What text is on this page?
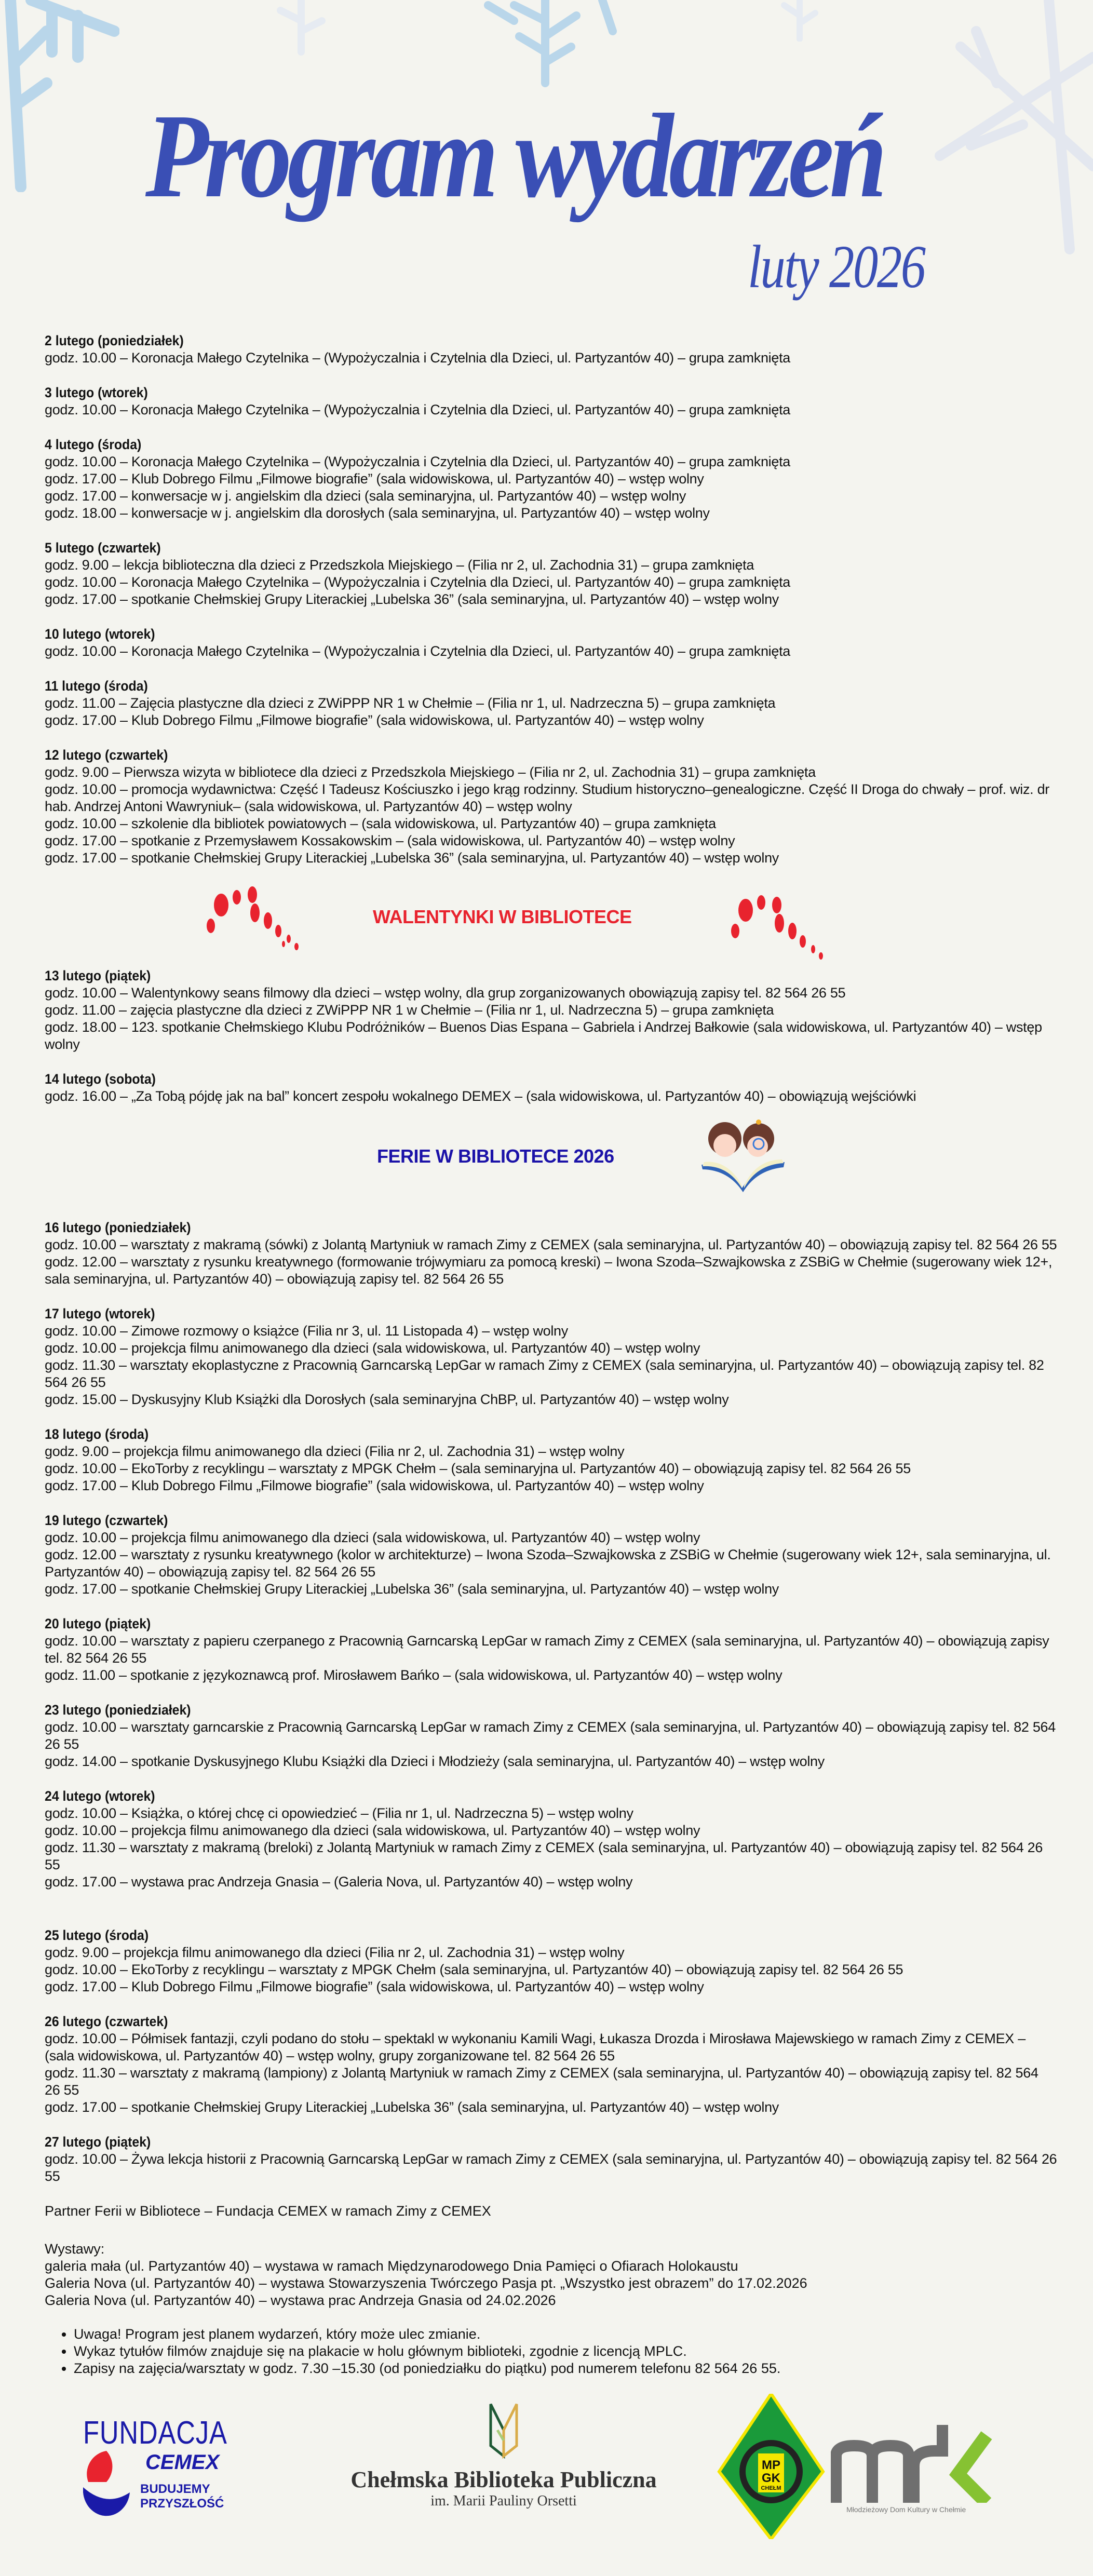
Program wydarzeń
luty 2026
2 lutego (poniedziałek)
godz. 10.00 – Koronacja Małego Czytelnika – (Wypożyczalnia i Czytelnia dla Dzieci, ul. Partyzantów 40) – grupa zamknięta
3 lutego (wtorek)
godz. 10.00 – Koronacja Małego Czytelnika – (Wypożyczalnia i Czytelnia dla Dzieci, ul. Partyzantów 40) – grupa zamknięta
4 lutego (środa)
godz. 10.00 – Koronacja Małego Czytelnika – (Wypożyczalnia i Czytelnia dla Dzieci, ul. Partyzantów 40) – grupa zamknięta
godz. 17.00 – Klub Dobrego Filmu „Filmowe biografie” (sala widowiskowa, ul. Partyzantów 40) – wstęp wolny
godz. 17.00 – konwersacje w j. angielskim dla dzieci (sala seminaryjna, ul. Partyzantów 40) – wstęp wolny
godz. 18.00 – konwersacje w j. angielskim dla dorosłych (sala seminaryjna, ul. Partyzantów 40) – wstęp wolny
5 lutego (czwartek)
godz. 9.00 – lekcja biblioteczna dla dzieci z Przedszkola Miejskiego – (Filia nr 2, ul. Zachodnia 31) – grupa zamknięta
godz. 10.00 – Koronacja Małego Czytelnika – (Wypożyczalnia i Czytelnia dla Dzieci, ul. Partyzantów 40) – grupa zamknięta
godz. 17.00 – spotkanie Chełmskiej Grupy Literackiej „Lubelska 36” (sala seminaryjna, ul. Partyzantów 40) – wstęp wolny
10 lutego (wtorek)
godz. 10.00 – Koronacja Małego Czytelnika – (Wypożyczalnia i Czytelnia dla Dzieci, ul. Partyzantów 40) – grupa zamknięta
11 lutego (środa)
godz. 11.00 – Zajęcia plastyczne dla dzieci z ZWiPPP NR 1 w Chełmie – (Filia nr 1, ul. Nadrzeczna 5) – grupa zamknięta
godz. 17.00 – Klub Dobrego Filmu „Filmowe biografie” (sala widowiskowa, ul. Partyzantów 40) – wstęp wolny
12 lutego (czwartek)
godz. 9.00 – Pierwsza wizyta w bibliotece dla dzieci z Przedszkola Miejskiego – (Filia nr 2, ul. Zachodnia 31) – grupa zamknięta
godz. 10.00 – promocja wydawnictwa: Część I Tadeusz Kościuszko i jego krąg rodzinny. Studium historyczno–genealogiczne. Część II Droga do chwały – prof. wiz. dr hab. Andrzej Antoni Wawryniuk– (sala widowiskowa, ul. Partyzantów 40) – wstęp wolny
godz. 10.00 – szkolenie dla bibliotek powiatowych – (sala widowiskowa, ul. Partyzantów 40) – grupa zamknięta
godz. 17.00 – spotkanie z Przemysławem Kossakowskim – (sala widowiskowa, ul. Partyzantów 40) – wstęp wolny
godz. 17.00 – spotkanie Chełmskiej Grupy Literackiej „Lubelska 36” (sala seminaryjna, ul. Partyzantów 40) – wstęp wolny
WALENTYNKI W BIBLIOTECE
13 lutego (piątek)
godz. 10.00 – Walentynkowy seans filmowy dla dzieci – wstęp wolny, dla grup zorganizowanych obowiązują zapisy tel. 82 564 26 55
godz. 11.00 – zajęcia plastyczne dla dzieci z ZWiPPP NR 1 w Chełmie – (Filia nr 1, ul. Nadrzeczna 5) – grupa zamknięta
godz. 18.00 – 123. spotkanie Chełmskiego Klubu Podróżników – Buenos Dias Espana – Gabriela i Andrzej Bałkowie (sala widowiskowa, ul. Partyzantów 40) – wstęp wolny
14 lutego (sobota)
godz. 16.00 – „Za Tobą pójdę jak na bal” koncert zespołu wokalnego DEMEX – (sala widowiskowa, ul. Partyzantów 40) – obowiązują wejściówki
FERIE W BIBLIOTECE 2026
16 lutego (poniedziałek)
godz. 10.00 – warsztaty z makramą (sówki) z Jolantą Martyniuk w ramach Zimy z CEMEX (sala seminaryjna, ul. Partyzantów 40) – obowiązują zapisy tel. 82 564 26 55
godz. 12.00 – warsztaty z rysunku kreatywnego (formowanie trójwymiaru za pomocą kreski) – Iwona Szoda–Szwajkowska z ZSBiG w Chełmie (sugerowany wiek 12+, sala seminaryjna, ul. Partyzantów 40) – obowiązują zapisy tel. 82 564 26 55
17 lutego (wtorek)
godz. 10.00 – Zimowe rozmowy o książce (Filia nr 3, ul. 11 Listopada 4) – wstęp wolny
godz. 10.00 – projekcja filmu animowanego dla dzieci (sala widowiskowa, ul. Partyzantów 40) – wstęp wolny
godz. 11.30 – warsztaty ekoplastyczne z Pracownią Garncarską LepGar w ramach Zimy z CEMEX (sala seminaryjna, ul. Partyzantów 40) – obowiązują zapisy tel. 82 564 26 55
godz. 15.00 – Dyskusyjny Klub Książki dla Dorosłych (sala seminaryjna ChBP, ul. Partyzantów 40) – wstęp wolny
18 lutego (środa)
godz. 9.00 – projekcja filmu animowanego dla dzieci (Filia nr 2, ul. Zachodnia 31) – wstęp wolny
godz. 10.00 – EkoTorby z recyklingu – warsztaty z MPGK Chełm – (sala seminaryjna ul. Partyzantów 40) – obowiązują zapisy tel. 82 564 26 55
godz. 17.00 – Klub Dobrego Filmu „Filmowe biografie” (sala widowiskowa, ul. Partyzantów 40) – wstęp wolny
19 lutego (czwartek)
godz. 10.00 – projekcja filmu animowanego dla dzieci (sala widowiskowa, ul. Partyzantów 40) – wstęp wolny
godz. 12.00 – warsztaty z rysunku kreatywnego (kolor w architekturze) – Iwona Szoda–Szwajkowska z ZSBiG w Chełmie (sugerowany wiek 12+, sala seminaryjna, ul. Partyzantów 40) – obowiązują zapisy tel. 82 564 26 55
godz. 17.00 – spotkanie Chełmskiej Grupy Literackiej „Lubelska 36” (sala seminaryjna, ul. Partyzantów 40) – wstęp wolny
20 lutego (piątek)
godz. 10.00 – warsztaty z papieru czerpanego z Pracownią Garncarską LepGar w ramach Zimy z CEMEX (sala seminaryjna, ul. Partyzantów 40) – obowiązują zapisy tel. 82 564 26 55
godz. 11.00 – spotkanie z językoznawcą prof. Mirosławem Bańko – (sala widowiskowa, ul. Partyzantów 40) – wstęp wolny
23 lutego (poniedziałek)
godz. 10.00 – warsztaty garncarskie z Pracownią Garncarską LepGar w ramach Zimy z CEMEX (sala seminaryjna, ul. Partyzantów 40) – obowiązują zapisy tel. 82 564 26 55
godz. 14.00 – spotkanie Dyskusyjnego Klubu Książki dla Dzieci i Młodzieży (sala seminaryjna, ul. Partyzantów 40) – wstęp wolny
24 lutego (wtorek)
godz. 10.00 – Książka, o której chcę ci opowiedzieć – (Filia nr 1, ul. Nadrzeczna 5) – wstęp wolny
godz. 10.00 – projekcja filmu animowanego dla dzieci (sala widowiskowa, ul. Partyzantów 40) – wstęp wolny
godz. 11.30 – warsztaty z makramą (breloki) z Jolantą Martyniuk w ramach Zimy z CEMEX (sala seminaryjna, ul. Partyzantów 40) – obowiązują zapisy tel. 82 564 26 55
godz. 17.00 – wystawa prac Andrzeja Gnasia – (Galeria Nova, ul. Partyzantów 40) – wstęp wolny
25 lutego (środa)
godz. 9.00 – projekcja filmu animowanego dla dzieci (Filia nr 2, ul. Zachodnia 31) – wstęp wolny
godz. 10.00 – EkoTorby z recyklingu – warsztaty z MPGK Chełm (sala seminaryjna, ul. Partyzantów 40) – obowiązują zapisy tel. 82 564 26 55
godz. 17.00 – Klub Dobrego Filmu „Filmowe biografie” (sala widowiskowa, ul. Partyzantów 40) – wstęp wolny
26 lutego (czwartek)
godz. 10.00 – Półmisek fantazji, czyli podano do stołu – spektakl w wykonaniu Kamili Wagi, Łukasza Drozda i Mirosława Majewskiego w ramach Zimy z CEMEX – (sala widowiskowa, ul. Partyzantów 40) – wstęp wolny, grupy zorganizowane tel. 82 564 26 55
godz. 11.30 – warsztaty z makramą (lampiony) z Jolantą Martyniuk w ramach Zimy z CEMEX (sala seminaryjna, ul. Partyzantów 40) – obowiązują zapisy tel. 82 564 26 55
godz. 17.00 – spotkanie Chełmskiej Grupy Literackiej „Lubelska 36” (sala seminaryjna, ul. Partyzantów 40) – wstęp wolny
27 lutego (piątek)
godz. 10.00 – Żywa lekcja historii z Pracownią Garncarską LepGar w ramach Zimy z CEMEX (sala seminaryjna, ul. Partyzantów 40) – obowiązują zapisy tel. 82 564 26 55

Partner Ferii w Bibliotece – Fundacja CEMEX w ramach Zimy z CEMEX

Wystawy:
galeria mała (ul. Partyzantów 40) – wystawa w ramach Międzynarodowego Dnia Pamięci o Ofiarach Holokaustu
Galeria Nova (ul. Partyzantów 40) – wystawa Stowarzyszenia Twórczego Pasja pt. „Wszystko jest obrazem” do 17.02.2026
Galeria Nova (ul. Partyzantów 40) – wystawa prac Andrzeja Gnasia od 24.02.2026
• Uwaga! Program jest planem wydarzeń, który może ulec zmianie.
• Wykaz tytułów filmów znajduje się na plakacie w holu głównym biblioteki, zgodnie z licencją MPLC.
• Zapisy na zajęcia/warsztaty w godz. 7.30 –15.30 (od poniedziałku do piątku) pod numerem telefonu 82 564 26 55.
FUNDACJA
CEMEX
BUDUJEMY
PRZYSZŁOŚĆ
Chełmska Biblioteka Publiczna
im. Marii Pauliny Orsetti
MP
GK
CHEŁM
Młodzieżowy Dom Kultury w Chełmie
